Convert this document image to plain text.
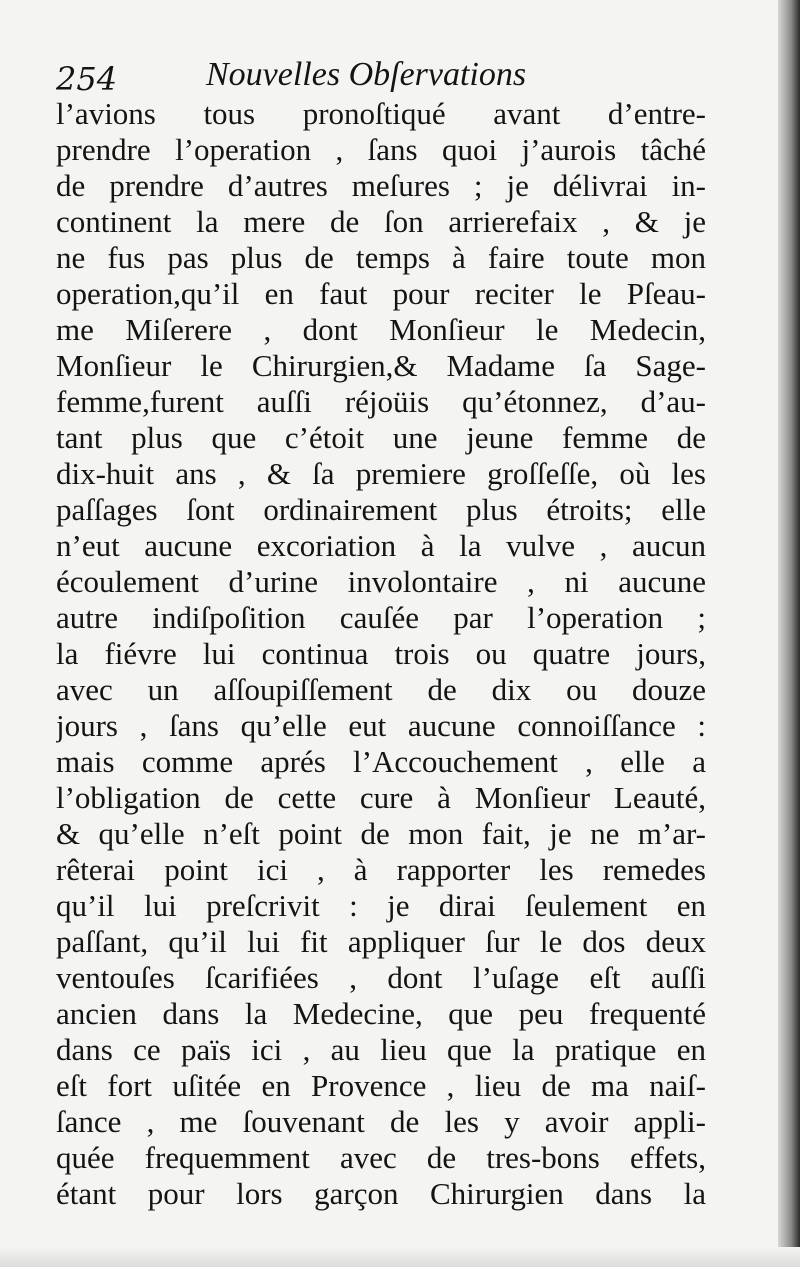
254	Nouvelles Obſervations
l’avions tous pronoſtiqué avant d’entre-
prendre l’operation , ſans quoi j’aurois tâché
de prendre d’autres meſures ; je délivrai in-
continent la mere de ſon arrierefaix , & je
ne fus pas plus de temps à faire toute mon
operation,qu’il en faut pour reciter le Pſeau-
me Miſerere , dont Monſieur le Medecin,
Monſieur le Chirurgien,& Madame ſa Sage-
femme,furent auſſi réjoüis qu’étonnez, d’au-
tant plus que c’étoit une jeune femme de
dix-huit ans , & ſa premiere groſſeſſe, où les
paſſages ſont ordinairement plus étroits; elle
n’eut aucune excoriation à la vulve , aucun
écoulement d’urine involontaire , ni aucune
autre indiſpoſition cauſée par l’operation ;
la fiévre lui continua trois ou quatre jours,
avec un aſſoupiſſement de dix ou douze
jours , ſans qu’elle eut aucune connoiſſance :
mais comme aprés l’Accouchement , elle a
l’obligation de cette cure à Monſieur Leauté,
& qu’elle n’eſt point de mon fait, je ne m’ar-
rêterai point ici , à rapporter les remedes
qu’il lui preſcrivit : je dirai ſeulement en
paſſant, qu’il lui fit appliquer ſur le dos deux
ventouſes ſcarifiées , dont l’uſage eſt auſſi
ancien dans la Medecine, que peu frequenté
dans ce païs ici , au lieu que la pratique en
eſt fort uſitée en Provence , lieu de ma naiſ-
ſance , me ſouvenant de les y avoir appli-
quée frequemment avec de tres-bons effets,
étant pour lors garçon Chirurgien dans la
